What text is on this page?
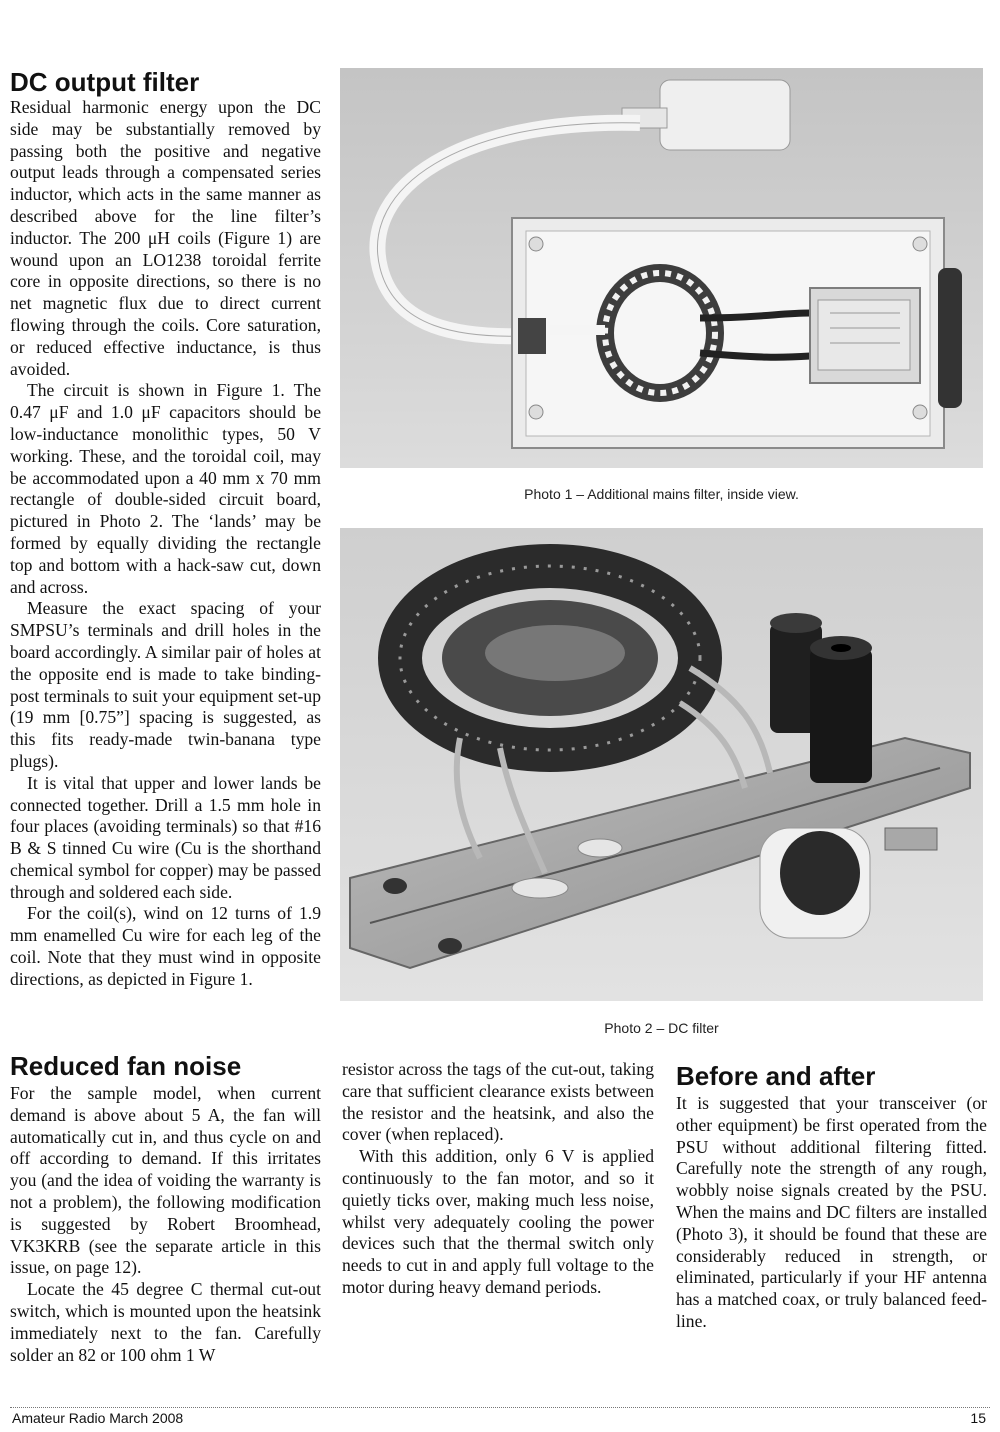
DC output filter

Residual harmonic energy upon the DC side may be substantially removed by passing both the positive and negative output leads through a compensated series inductor, which acts in the same manner as described above for the line filter’s inductor. The 200 μH coils (Figure 1) are wound upon an LO1238 toroidal ferrite core in opposite directions, so there is no net magnetic flux due to direct current flowing through the coils. Core saturation, or reduced effective inductance, is thus avoided.

The circuit is shown in Figure 1. The 0.47 μF and 1.0 μF capacitors should be low-inductance monolithic types, 50 V working. These, and the toroidal coil, may be accommodated upon a 40 mm x 70 mm rectangle of double-sided circuit board, pictured in Photo 2. The ‘lands’ may be formed by equally dividing the rectangle top and bottom with a hack-saw cut, down and across.

Measure the exact spacing of your SMPSU’s terminals and drill holes in the board accordingly. A similar pair of holes at the opposite end is made to take binding-post terminals to suit your equipment set-up (19 mm [0.75”] spacing is suggested, as this fits ready-made twin-banana type plugs).

It is vital that upper and lower lands be connected together. Drill a 1.5 mm hole in four places (avoiding terminals) so that #16 B & S tinned Cu wire (Cu is the shorthand chemical symbol for copper) may be passed through and soldered each side.

For the coil(s), wind on 12 turns of 1.9 mm enamelled Cu wire for each leg of the coil. Note that they must wind in opposite directions, as depicted in Figure 1.

Photo 1 – Additional mains filter, inside view.
Photo 2 – DC filter
Reduced fan noise

For the sample model, when current demand is above about 5 A, the fan will automatically cut in, and thus cycle on and off according to demand. If this irritates you (and the idea of voiding the warranty is not a problem), the following modification is suggested by Robert Broomhead, VK3KRB (see the separate article in this issue, on page 12).

Locate the 45 degree C thermal cut-out switch, which is mounted upon the heatsink immediately next to the fan. Carefully solder an 82 or 100 ohm 1 W

resistor across the tags of the cut-out, taking care that sufficient clearance exists between the resistor and the heatsink, and also the cover (when replaced).

With this addition, only 6 V is applied continuously to the fan motor, and so it quietly ticks over, making much less noise, whilst very adequately cooling the power devices such that the thermal switch only needs to cut in and apply full voltage to the motor during heavy demand periods.

Before and after

It is suggested that your transceiver (or other equipment) be first operated from the PSU without additional filtering fitted. Carefully note the strength of any rough, wobbly noise signals created by the PSU. When the mains and DC filters are installed (Photo 3), it should be found that these are considerably reduced in strength, or eliminated, particularly if your HF antenna has a matched coax, or truly balanced feed-line.

Amateur Radio March 2008	15
